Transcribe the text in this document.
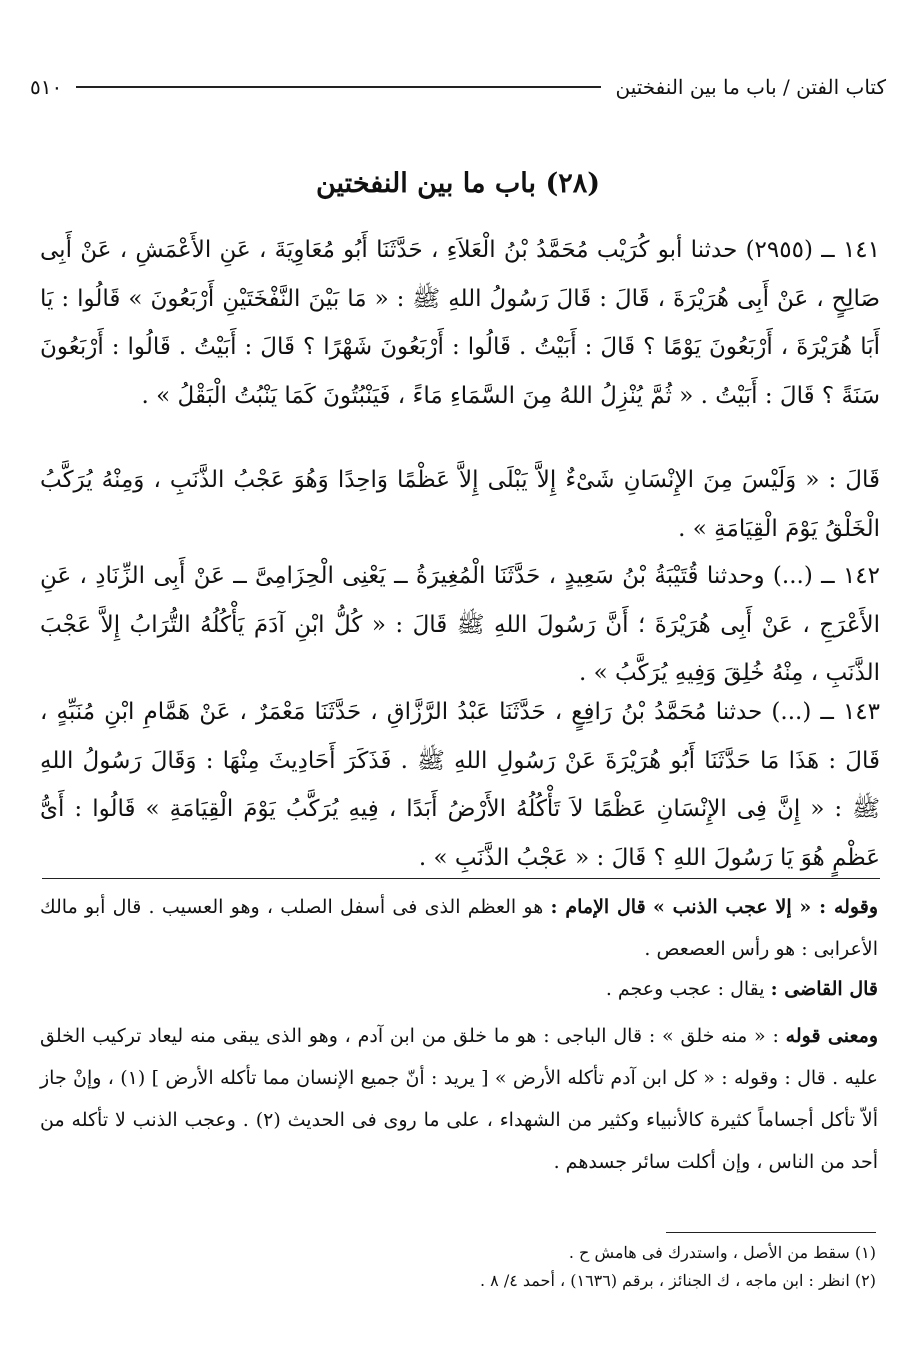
كتاب الفتن / باب ما بين النفختين
٥١٠
(٢٨) باب ما بين النفختين

١٤١ ــ (٢٩٥٥) حدثنا أبو كُرَيْب مُحَمَّدُ بْنُ الْعَلاَءِ ، حَدَّثَنَا أَبُو مُعَاوِيَةَ ، عَنِ الأَعْمَشِ ، عَنْ أَبِى صَالِحٍ ، عَنْ أَبِى هُرَيْرَةَ ، قَالَ : قَالَ رَسُولُ اللهِ ﷺ : « مَا بَيْنَ النَّفْخَتَيْنِ أَرْبَعُونَ » قَالُوا : يَا أَبَا هُرَيْرَةَ ، أَرْبَعُونَ يَوْمًا ؟ قَالَ : أَبَيْتُ . قَالُوا : أَرْبَعُونَ شَهْرًا ؟ قَالَ : أَبَيْتُ . قَالُوا : أَرْبَعُونَ سَنَةً ؟ قَالَ : أَبَيْتُ . « ثُمَّ يُنْزِلُ اللهُ مِنَ السَّمَاءِ مَاءً ، فَيَنْبُتُونَ كَمَا يَنْبُتُ الْبَقْلُ » .

قَالَ : « وَلَيْسَ مِنَ الإِنْسَانِ شَىْءٌ إِلاَّ يَبْلَى إِلاَّ عَظْمًا وَاحِدًا وَهُوَ عَجْبُ الذَّنَبِ ، وَمِنْهُ يُرَكَّبُ الْخَلْقُ يَوْمَ الْقِيَامَةِ » .

١٤٢ ــ (...) وحدثنا قُتَيْبَةُ بْنُ سَعِيدٍ ، حَدَّثَنَا الْمُغِيرَةُ ــ يَعْنِى الْحِزَامِىَّ ــ عَنْ أَبِى الزِّنَادِ ، عَنِ الأَعْرَجِ ، عَنْ أَبِى هُرَيْرَةَ ؛ أَنَّ رَسُولَ اللهِ ﷺ قَالَ : « كُلُّ ابْنِ آدَمَ يَأْكُلُهُ التُّرَابُ إِلاَّ عَجْبَ الذَّنَبِ ، مِنْهُ خُلِقَ وَفِيهِ يُرَكَّبُ » .

١٤٣ ــ (...) حدثنا مُحَمَّدُ بْنُ رَافِعٍ ، حَدَّثَنَا عَبْدُ الرَّزَّاقِ ، حَدَّثَنَا مَعْمَرٌ ، عَنْ هَمَّامِ ابْنِ مُنَبِّهٍ ، قَالَ : هَذَا مَا حَدَّثَنَا أَبُو هُرَيْرَةَ عَنْ رَسُولِ اللهِ ﷺ . فَذَكَرَ أَحَادِيثَ مِنْهَا : وَقَالَ رَسُولُ اللهِ ﷺ : « إِنَّ فِى الإِنْسَانِ عَظْمًا لاَ تَأْكُلُهُ الأَرْضُ أَبَدًا ، فِيهِ يُرَكَّبُ يَوْمَ الْقِيَامَةِ » قَالُوا : أَىُّ عَظْمٍ هُوَ يَا رَسُولَ اللهِ ؟ قَالَ : « عَجْبُ الذَّنَبِ » .

وقوله : « إلا عجب الذنب » قال الإمام : هو العظم الذى فى أسفل الصلب ، وهو العسيب . قال أبو مالك الأعرابى : هو رأس العصعص .

قال القاضى : يقال : عجب وعجم .

ومعنى قوله : « منه خلق » : قال الباجى : هو ما خلق من ابن آدم ، وهو الذى يبقى منه ليعاد تركيب الخلق عليه . قال : وقوله : « كل ابن آدم تأكله الأرض » [ يريد : أنّ جميع الإنسان مما تأكله الأرض ] (١) ، وإنْ جاز ألاّ تأكل أجساماً كثيرة كالأنبياء وكثير من الشهداء ، على ما روى فى الحديث (٢) . وعجب الذنب لا تأكله من أحد من الناس ، وإن أكلت سائر جسدهم .

(١) سقط من الأصل ، واستدرك فى هامش ح .
(٢) انظر : ابن ماجه ، ك الجنائز ، برقم (١٦٣٦) ، أحمد ٤/ ٨ .
